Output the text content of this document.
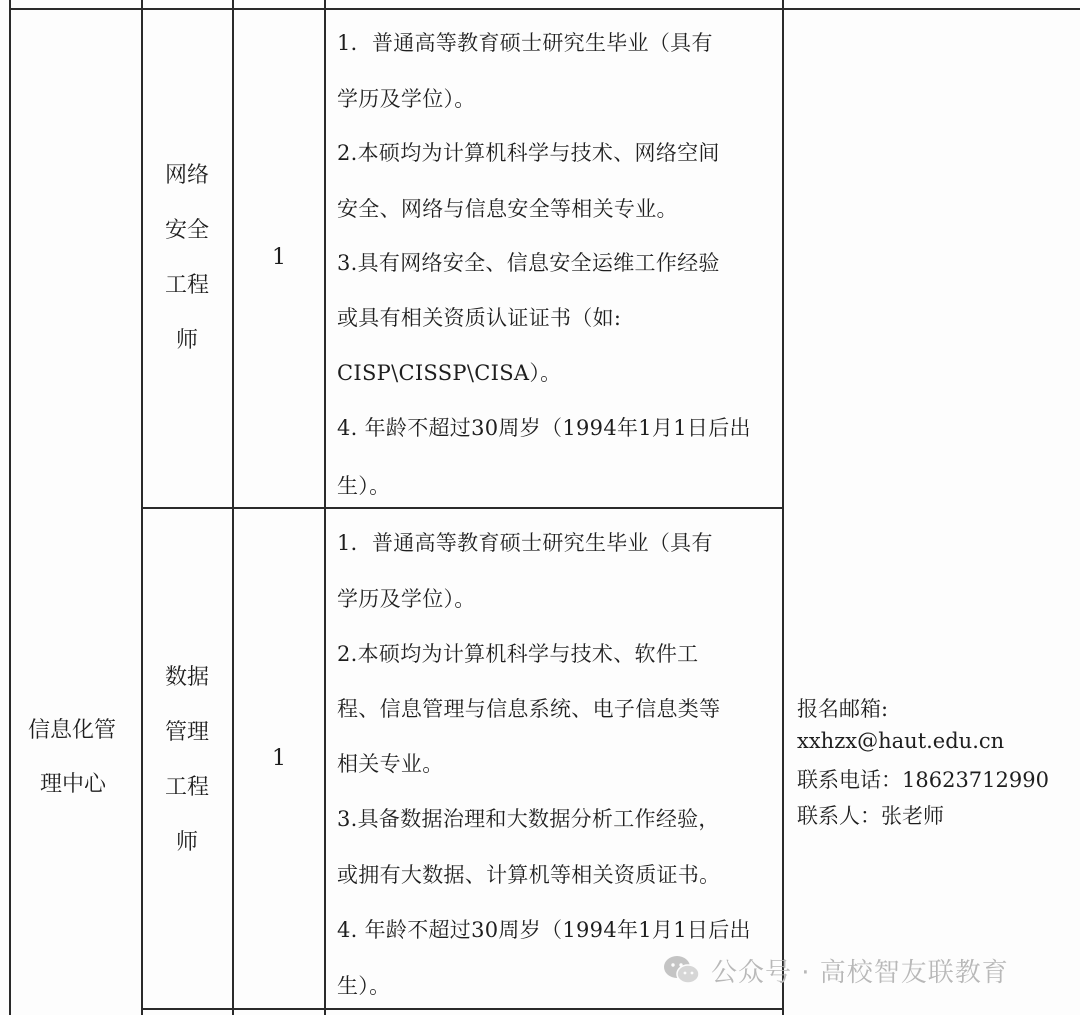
信息化管
理中心
网络
安全
工程
师
1
1．普通高等教育硕士研究生毕业（具有
学历及学位）。
2.本硕均为计算机科学与技术、网络空间
安全、网络与信息安全等相关专业。
3.具有网络安全、信息安全运维工作经验
或具有相关资质认证证书（如:
CISP\CISSP\CISA）。
4. 年龄不超过30周岁（1994年1月1日后出
生）。
数据
管理
工程
师
1
1．普通高等教育硕士研究生毕业（具有
学历及学位）。
2.本硕均为计算机科学与技术、软件工
程、信息管理与信息系统、电子信息类等
相关专业。
3.具备数据治理和大数据分析工作经验，
或拥有大数据、计算机等相关资质证书。
4. 年龄不超过30周岁（1994年1月1日后出
生）。
报名邮箱:
xxhzx@haut.edu.cn
联系电话：18623712990
联系人：张老师
公众号 · 高校智友联教育
